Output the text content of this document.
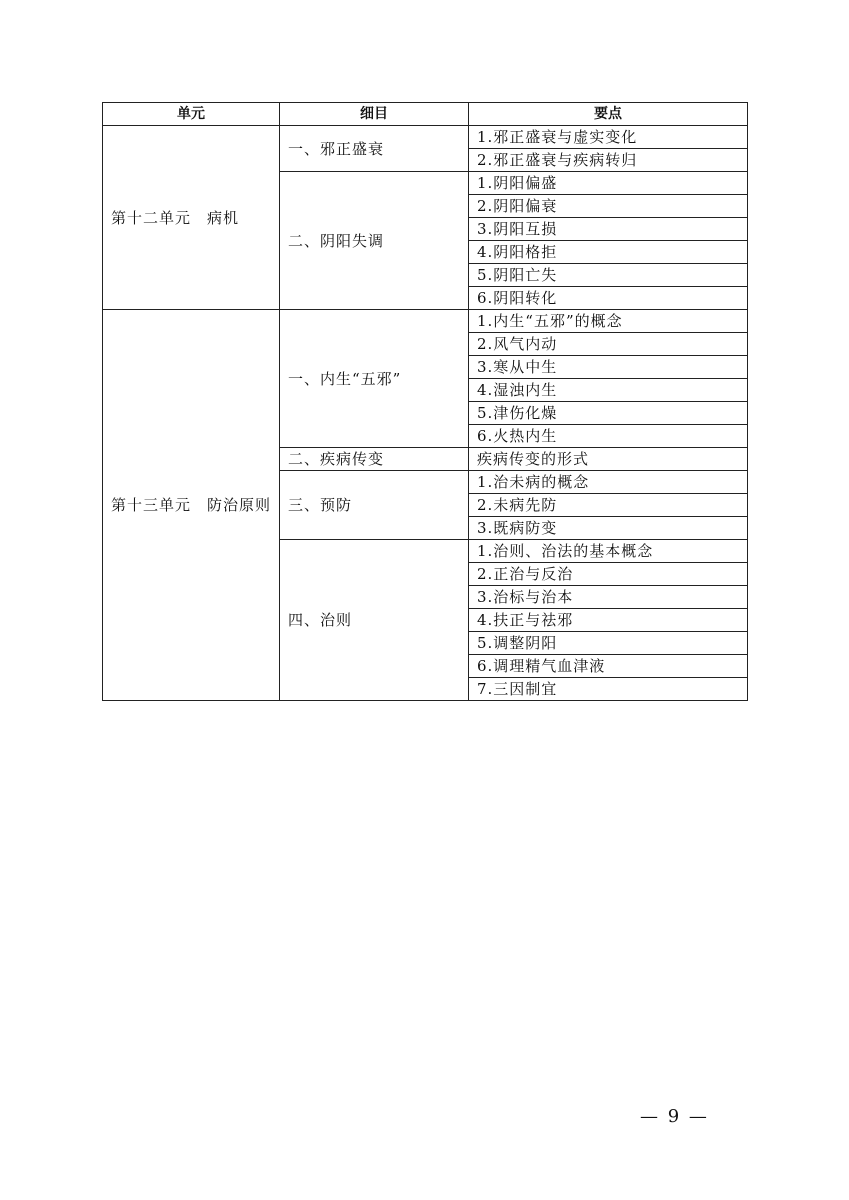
单元	细目	要点
第十二单元　病机	一、邪正盛衰	1.邪正盛衰与虚实变化
		2.邪正盛衰与疾病转归
	二、阴阳失调	1.阴阳偏盛
		2.阴阳偏衰
		3.阴阳互损
		4.阴阳格拒
		5.阴阳亡失
		6.阴阳转化
第十三单元　防治原则	一、内生“五邪”	1.内生“五邪”的概念
		2.风气内动
		3.寒从中生
		4.湿浊内生
		5.津伤化燥
		6.火热内生
	二、疾病传变	疾病传变的形式
	三、预防	1.治未病的概念
		2.未病先防
		3.既病防变
	四、治则	1.治则、治法的基本概念
		2.正治与反治
		3.治标与治本
		4.扶正与祛邪
		5.调整阴阳
		6.调理精气血津液
		7.三因制宜
— 9 —
